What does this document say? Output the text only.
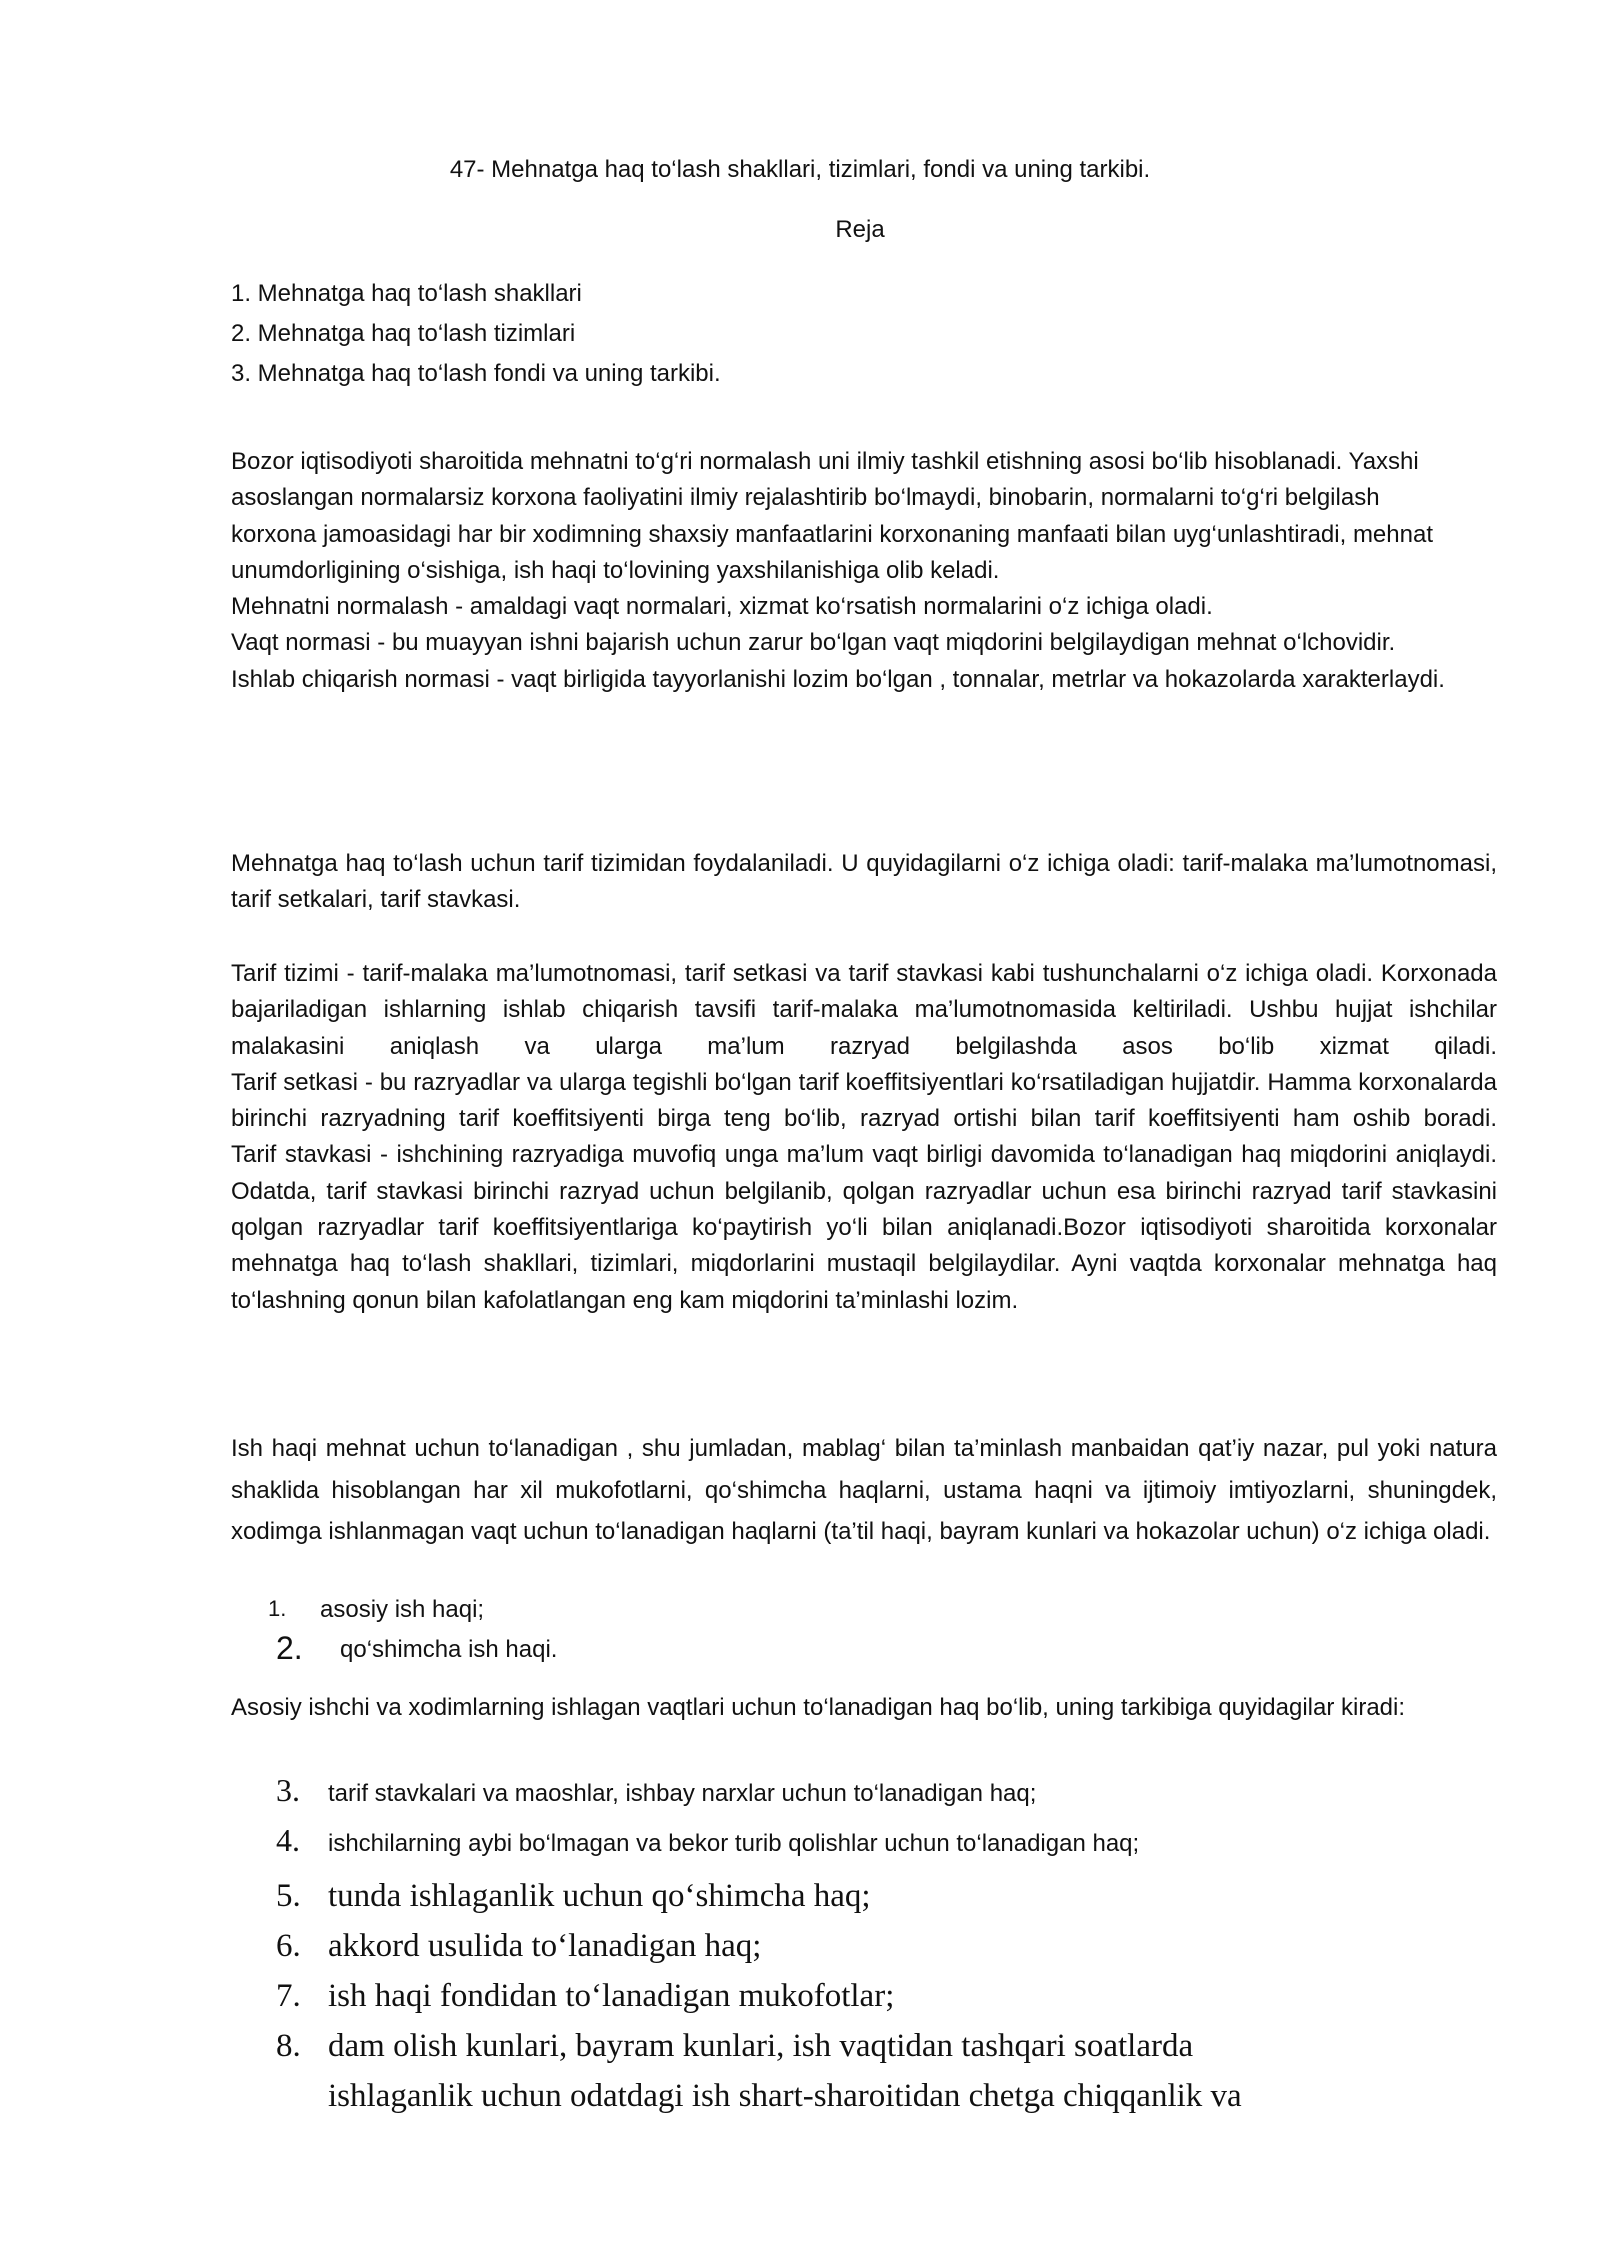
47- Mehnatga haq to‘lash shakllari, tizimlari, fondi va uning tarkibi.
Reja
1. Mehnatga haq to‘lash shakllari
2. Mehnatga haq to‘lash tizimlari
3. Mehnatga haq to‘lash fondi va uning tarkibi.

Bozor iqtisodiyoti sharoitida mehnatni to‘g‘ri normalash uni ilmiy tashkil etishning asosi bo‘lib hisoblanadi. Yaxshi asoslangan normalarsiz korxona faoliyatini ilmiy rejalashtirib bo‘lmaydi, binobarin, normalarni to‘g‘ri belgilash korxona jamoasidagi har bir xodimning shaxsiy manfaatlarini korxonaning manfaati bilan uyg‘unlashtiradi, mehnat unumdorligining o‘sishiga, ish haqi to‘lovining yaxshilanishiga olib keladi.

Mehnatni normalash - amaldagi vaqt normalari, xizmat ko‘rsatish normalarini o‘z ichiga oladi.

Vaqt normasi - bu muayyan ishni bajarish uchun zarur bo‘lgan vaqt miqdorini belgilaydigan mehnat o‘lchovidir.

Ishlab chiqarish normasi - vaqt birligida tayyorlanishi lozim bo‘lgan , tonnalar, metrlar va hokazolarda xarakterlaydi.

Mehnatga haq to‘lash uchun tarif tizimidan foydalaniladi. U quyidagilarni o‘z ichiga oladi: tarif-malaka ma’lumotnomasi, tarif setkalari, tarif stavkasi.

Tarif tizimi - tarif-malaka ma’lumotnomasi, tarif setkasi va tarif stavkasi kabi tushunchalarni o‘z ichiga oladi. Korxonada bajariladigan ishlarning ishlab chiqarish tavsifi tarif-malaka ma’lumotnomasida keltiriladi. Ushbu hujjat ishchilar malakasini aniqlash va ularga ma’lum razryad belgilashda asos bo‘lib xizmat qiladi.

Tarif setkasi - bu razryadlar va ularga tegishli bo‘lgan tarif koeffitsiyentlari ko‘rsatiladigan hujjatdir. Hamma korxonalarda birinchi razryadning tarif koeffitsiyenti birga teng bo‘lib, razryad ortishi bilan tarif koeffitsiyenti ham oshib boradi.

Tarif stavkasi - ishchining razryadiga muvofiq unga ma’lum vaqt birligi davomida to‘lanadigan haq miqdorini aniqlaydi. Odatda, tarif stavkasi birinchi razryad uchun belgilanib, qolgan razryadlar uchun esa birinchi razryad tarif stavkasini qolgan razryadlar tarif koeffitsiyentlariga ko‘paytirish yo‘li bilan aniqlanadi.Bozor iqtisodiyoti sharoitida korxonalar mehnatga haq to‘lash shakllari, tizimlari, miqdorlarini mustaqil belgilaydilar. Ayni vaqtda korxonalar mehnatga haq to‘lashning qonun bilan kafolatlangan eng kam miqdorini ta’minlashi lozim.

Ish haqi mehnat uchun to‘lanadigan , shu jumladan, mablag‘ bilan ta’minlash manbaidan qat’iy nazar, pul yoki natura shaklida hisoblangan har xil mukofotlarni, qo‘shimcha haqlarni, ustama haqni va ijtimoiy imtiyozlarni, shuningdek, xodimga ishlanmagan vaqt uchun to‘lanadigan haqlarni (ta’til haqi, bayram kunlari va hokazolar uchun) o‘z ichiga oladi.

1. asosiy ish haqi;
2. qo‘shimcha ish haqi.

Asosiy ishchi va xodimlarning ishlagan vaqtlari uchun to‘lanadigan haq bo‘lib, uning tarkibiga quyidagilar kiradi:

3. tarif stavkalari va maoshlar, ishbay narxlar uchun to‘lanadigan haq;
4. ishchilarning aybi bo‘lmagan va bekor turib qolishlar uchun to‘lanadigan haq;
5. tunda ishlaganlik uchun qo‘shimcha haq;
6. akkord usulida to‘lanadigan haq;
7. ish haqi fondidan to‘lanadigan mukofotlar;
8. dam olish kunlari, bayram kunlari, ish vaqtidan tashqari soatlarda
ishlaganlik uchun odatdagi ish shart-sharoitidan chetga chiqqanlik va
